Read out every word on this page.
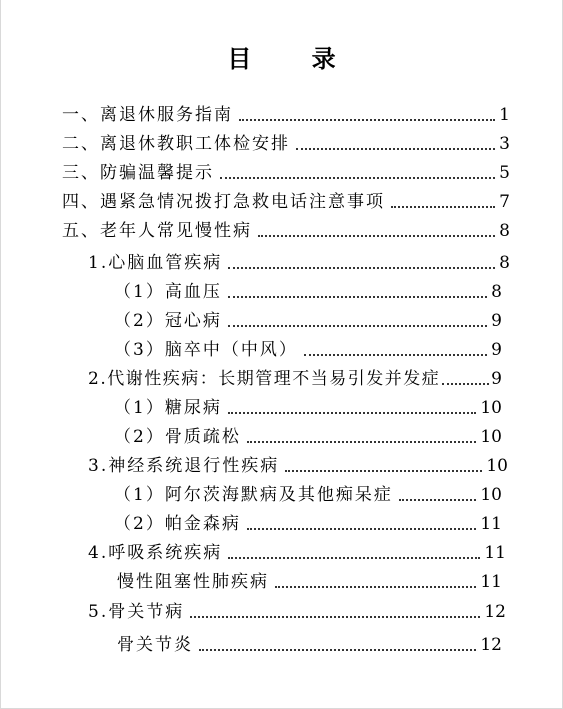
目 录
一、离退休服务指南	1
二、离退休教职工体检安排	3
三、防骗温馨提示	5
四、遇紧急情况拨打急救电话注意事项	7
五、老年人常见慢性病	8
1.心脑血管疾病	8
（1）高血压	8
（2）冠心病	9
（3）脑卒中（中风）	9
2.代谢性疾病：长期管理不当易引发并发症	9
（1）糖尿病	10
（2）骨质疏松	10
3.神经系统退行性疾病	10
（1）阿尔茨海默病及其他痴呆症	10
（2）帕金森病	11
4.呼吸系统疾病	11
慢性阻塞性肺疾病	11
5.骨关节病	12
骨关节炎	12
